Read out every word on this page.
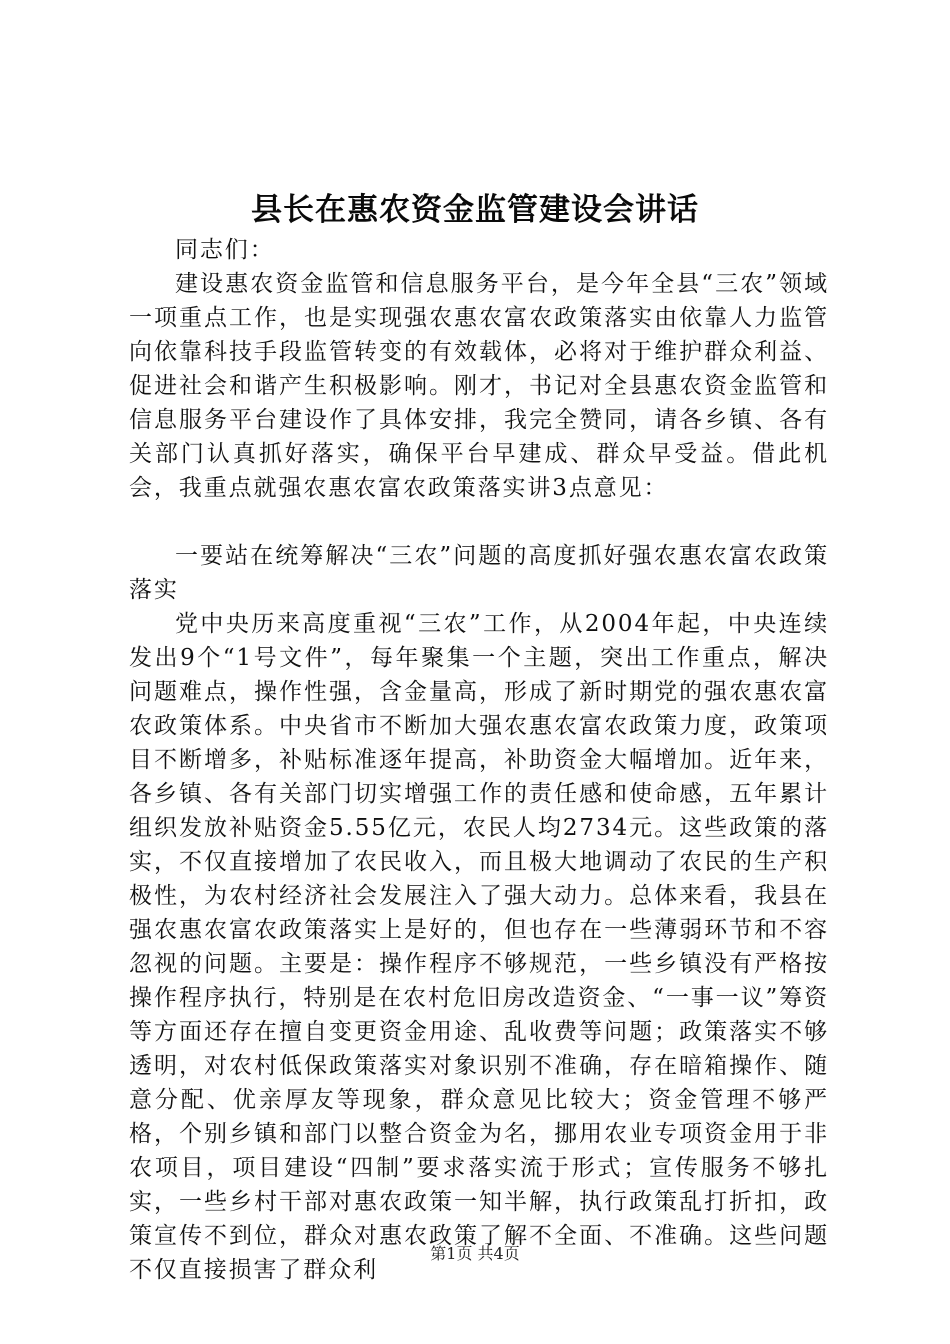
县长在惠农资金监管建设会讲话

同志们：

建设惠农资金监管和信息服务平台，是今年全县“三农”领域一项重点工作，也是实现强农惠农富农政策落实由依靠人力监管向依靠科技手段监管转变的有效载体，必将对于维护群众利益、促进社会和谐产生积极影响。刚才，书记对全县惠农资金监管和信息服务平台建设作了具体安排，我完全赞同，请各乡镇、各有关部门认真抓好落实，确保平台早建成、群众早受益。借此机会，我重点就强农惠农富农政策落实讲3点意见：

一要站在统筹解决“三农”问题的高度抓好强农惠农富农政策落实

党中央历来高度重视“三农”工作，从2004年起，中央连续发出9个“1号文件”，每年聚集一个主题，突出工作重点，解决问题难点，操作性强，含金量高，形成了新时期党的强农惠农富农政策体系。中央省市不断加大强农惠农富农政策力度，政策项目不断增多，补贴标准逐年提高，补助资金大幅增加。近年来，各乡镇、各有关部门切实增强工作的责任感和使命感，五年累计组织发放补贴资金5.55亿元，农民人均2734元。这些政策的落实，不仅直接增加了农民收入，而且极大地调动了农民的生产积极性，为农村经济社会发展注入了强大动力。总体来看，我县在强农惠农富农政策落实上是好的，但也存在一些薄弱环节和不容忽视的问题。主要是：操作程序不够规范，一些乡镇没有严格按操作程序执行，特别是在农村危旧房改造资金、“一事一议”筹资等方面还存在擅自变更资金用途、乱收费等问题；政策落实不够透明，对农村低保政策落实对象识别不准确，存在暗箱操作、随意分配、优亲厚友等现象，群众意见比较大；资金管理不够严格，个别乡镇和部门以整合资金为名，挪用农业专项资金用于非农项目，项目建设“四制”要求落实流于形式；宣传服务不够扎实，一些乡村干部对惠农政策一知半解，执行政策乱打折扣，政策宣传不到位，群众对惠农政策了解不全面、不准确。这些问题不仅直接损害了群众利

第1页 共4页
